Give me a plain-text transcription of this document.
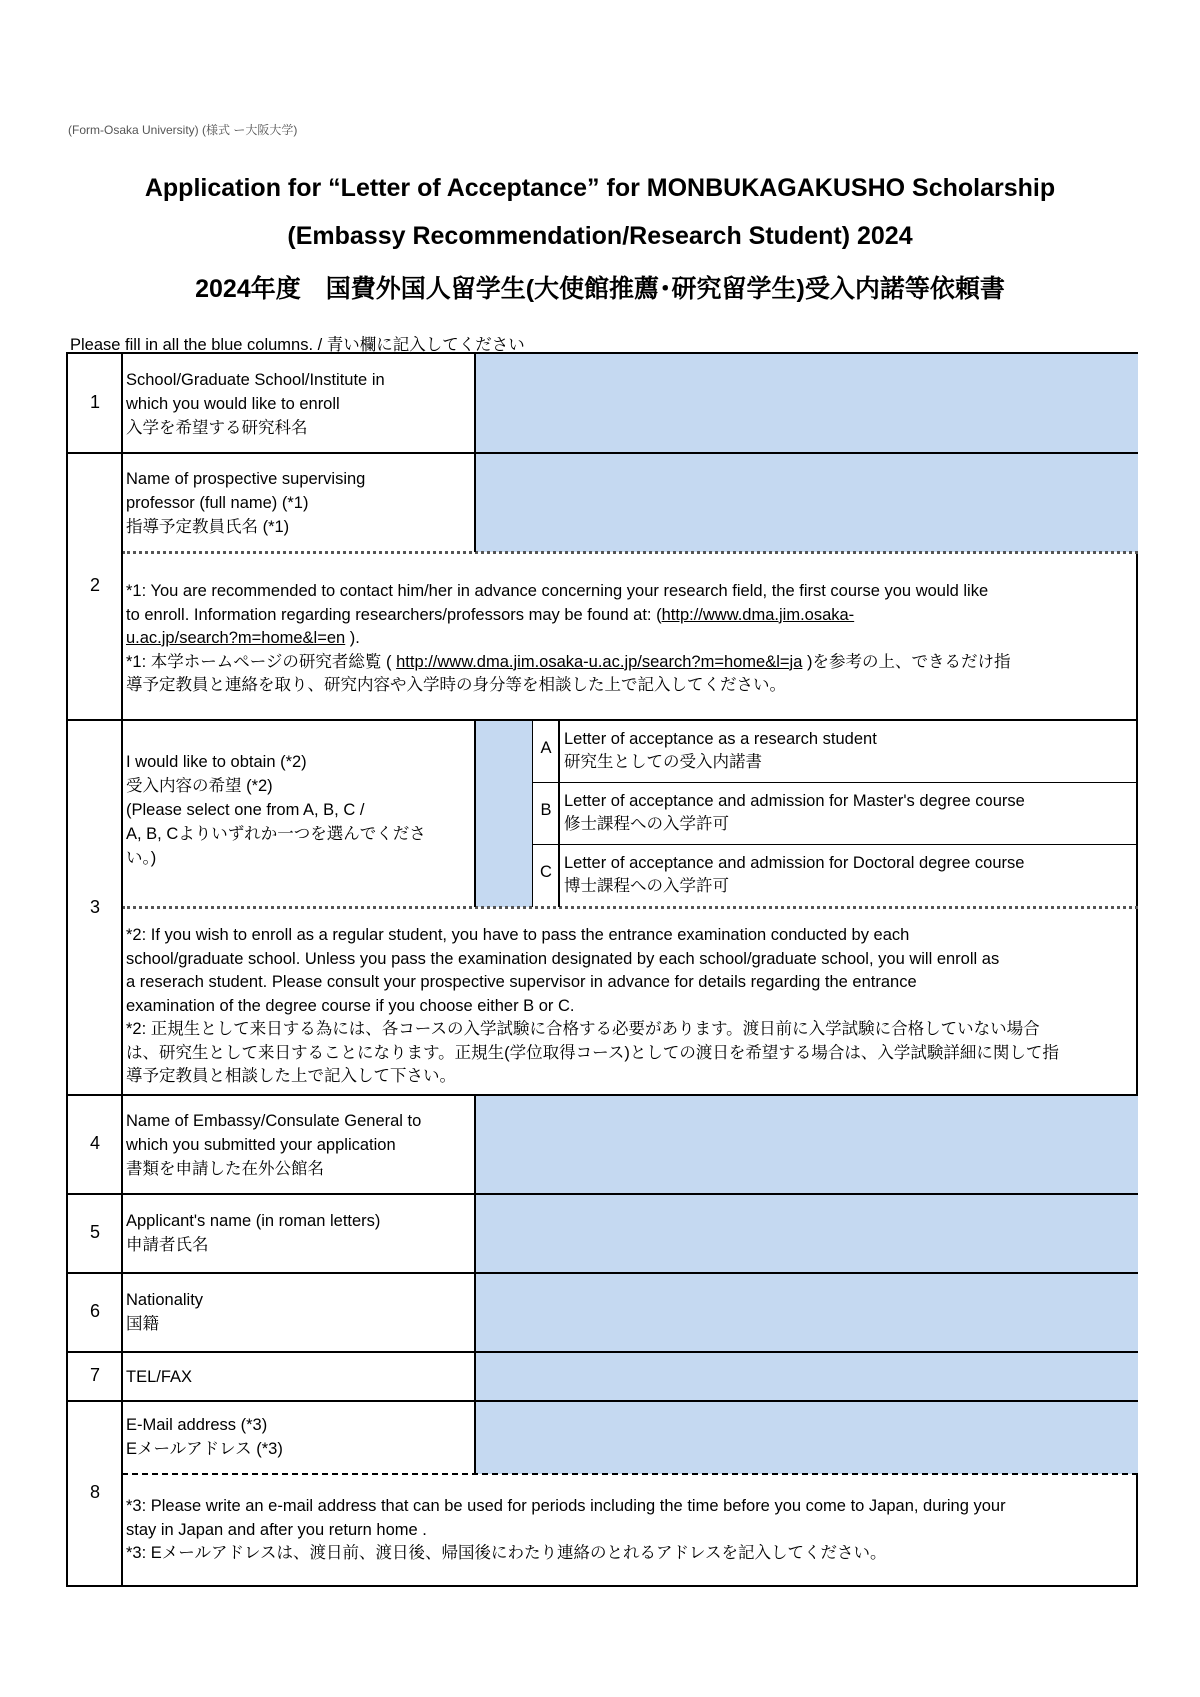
(Form-Osaka University) (様式 ー大阪大学)
Application for “Letter of Acceptance” for MONBUKAGAKUSHO Scholarship
(Embassy Recommendation/Research Student) 2024
2024年度　国費外国人留学生(大使館推薦･研究留学生)受入内諾等依頼書
Please fill in all the blue columns. / 青い欄に記入してください
1
School/Graduate School/Institute in
which you would like to enroll
入学を希望する研究科名
2
Name of prospective supervising
professor (full name) (*1)
指導予定教員氏名 (*1)
*1: You are recommended to contact him/her in advance concerning your research field, the first course you would like
to enroll. Information regarding researchers/professors may be found at: (http://www.dma.jim.osaka-
u.ac.jp/search?m=home&l=en ).
*1: 本学ホームページの研究者総覧 ( http://www.dma.jim.osaka-u.ac.jp/search?m=home&l=ja )を参考の上、できるだけ指
導予定教員と連絡を取り、研究内容や入学時の身分等を相談した上で記入してください。
3
I would like to obtain (*2)
受入内容の希望 (*2)
(Please select one from A, B, C /
A, B, Cよりいずれか一つを選んでくださ
い。)
A Letter of acceptance as a research student
研究生としての受入内諾書
B Letter of acceptance and admission for Master's degree course
修士課程への入学許可
C Letter of acceptance and admission for Doctoral degree course
博士課程への入学許可
*2: If you wish to enroll as a regular student, you have to pass the entrance examination conducted by each
school/graduate school. Unless you pass the examination designated by each school/graduate school, you will enroll as
a reserach student. Please consult your prospective supervisor in advance for details regarding the entrance
examination of the degree course if you choose either B or C.
*2: 正規生として来日する為には、各コースの入学試験に合格する必要があります。渡日前に入学試験に合格していない場合
は、研究生として来日することになります。正規生(学位取得コース)としての渡日を希望する場合は、入学試験詳細に関して指
導予定教員と相談した上で記入して下さい。
4
Name of Embassy/Consulate General to
which you submitted your application
書類を申請した在外公館名
5
Applicant's name (in roman letters)
申請者氏名
6
Nationality
国籍
7	TEL/FAX
8
E-Mail address (*3)
Eメールアドレス (*3)
*3: Please write an e-mail address that can be used for periods including the time before you come to Japan, during your
stay in Japan and after you return home .
*3: Eメールアドレスは、渡日前、渡日後、帰国後にわたり連絡のとれるアドレスを記入してください。
